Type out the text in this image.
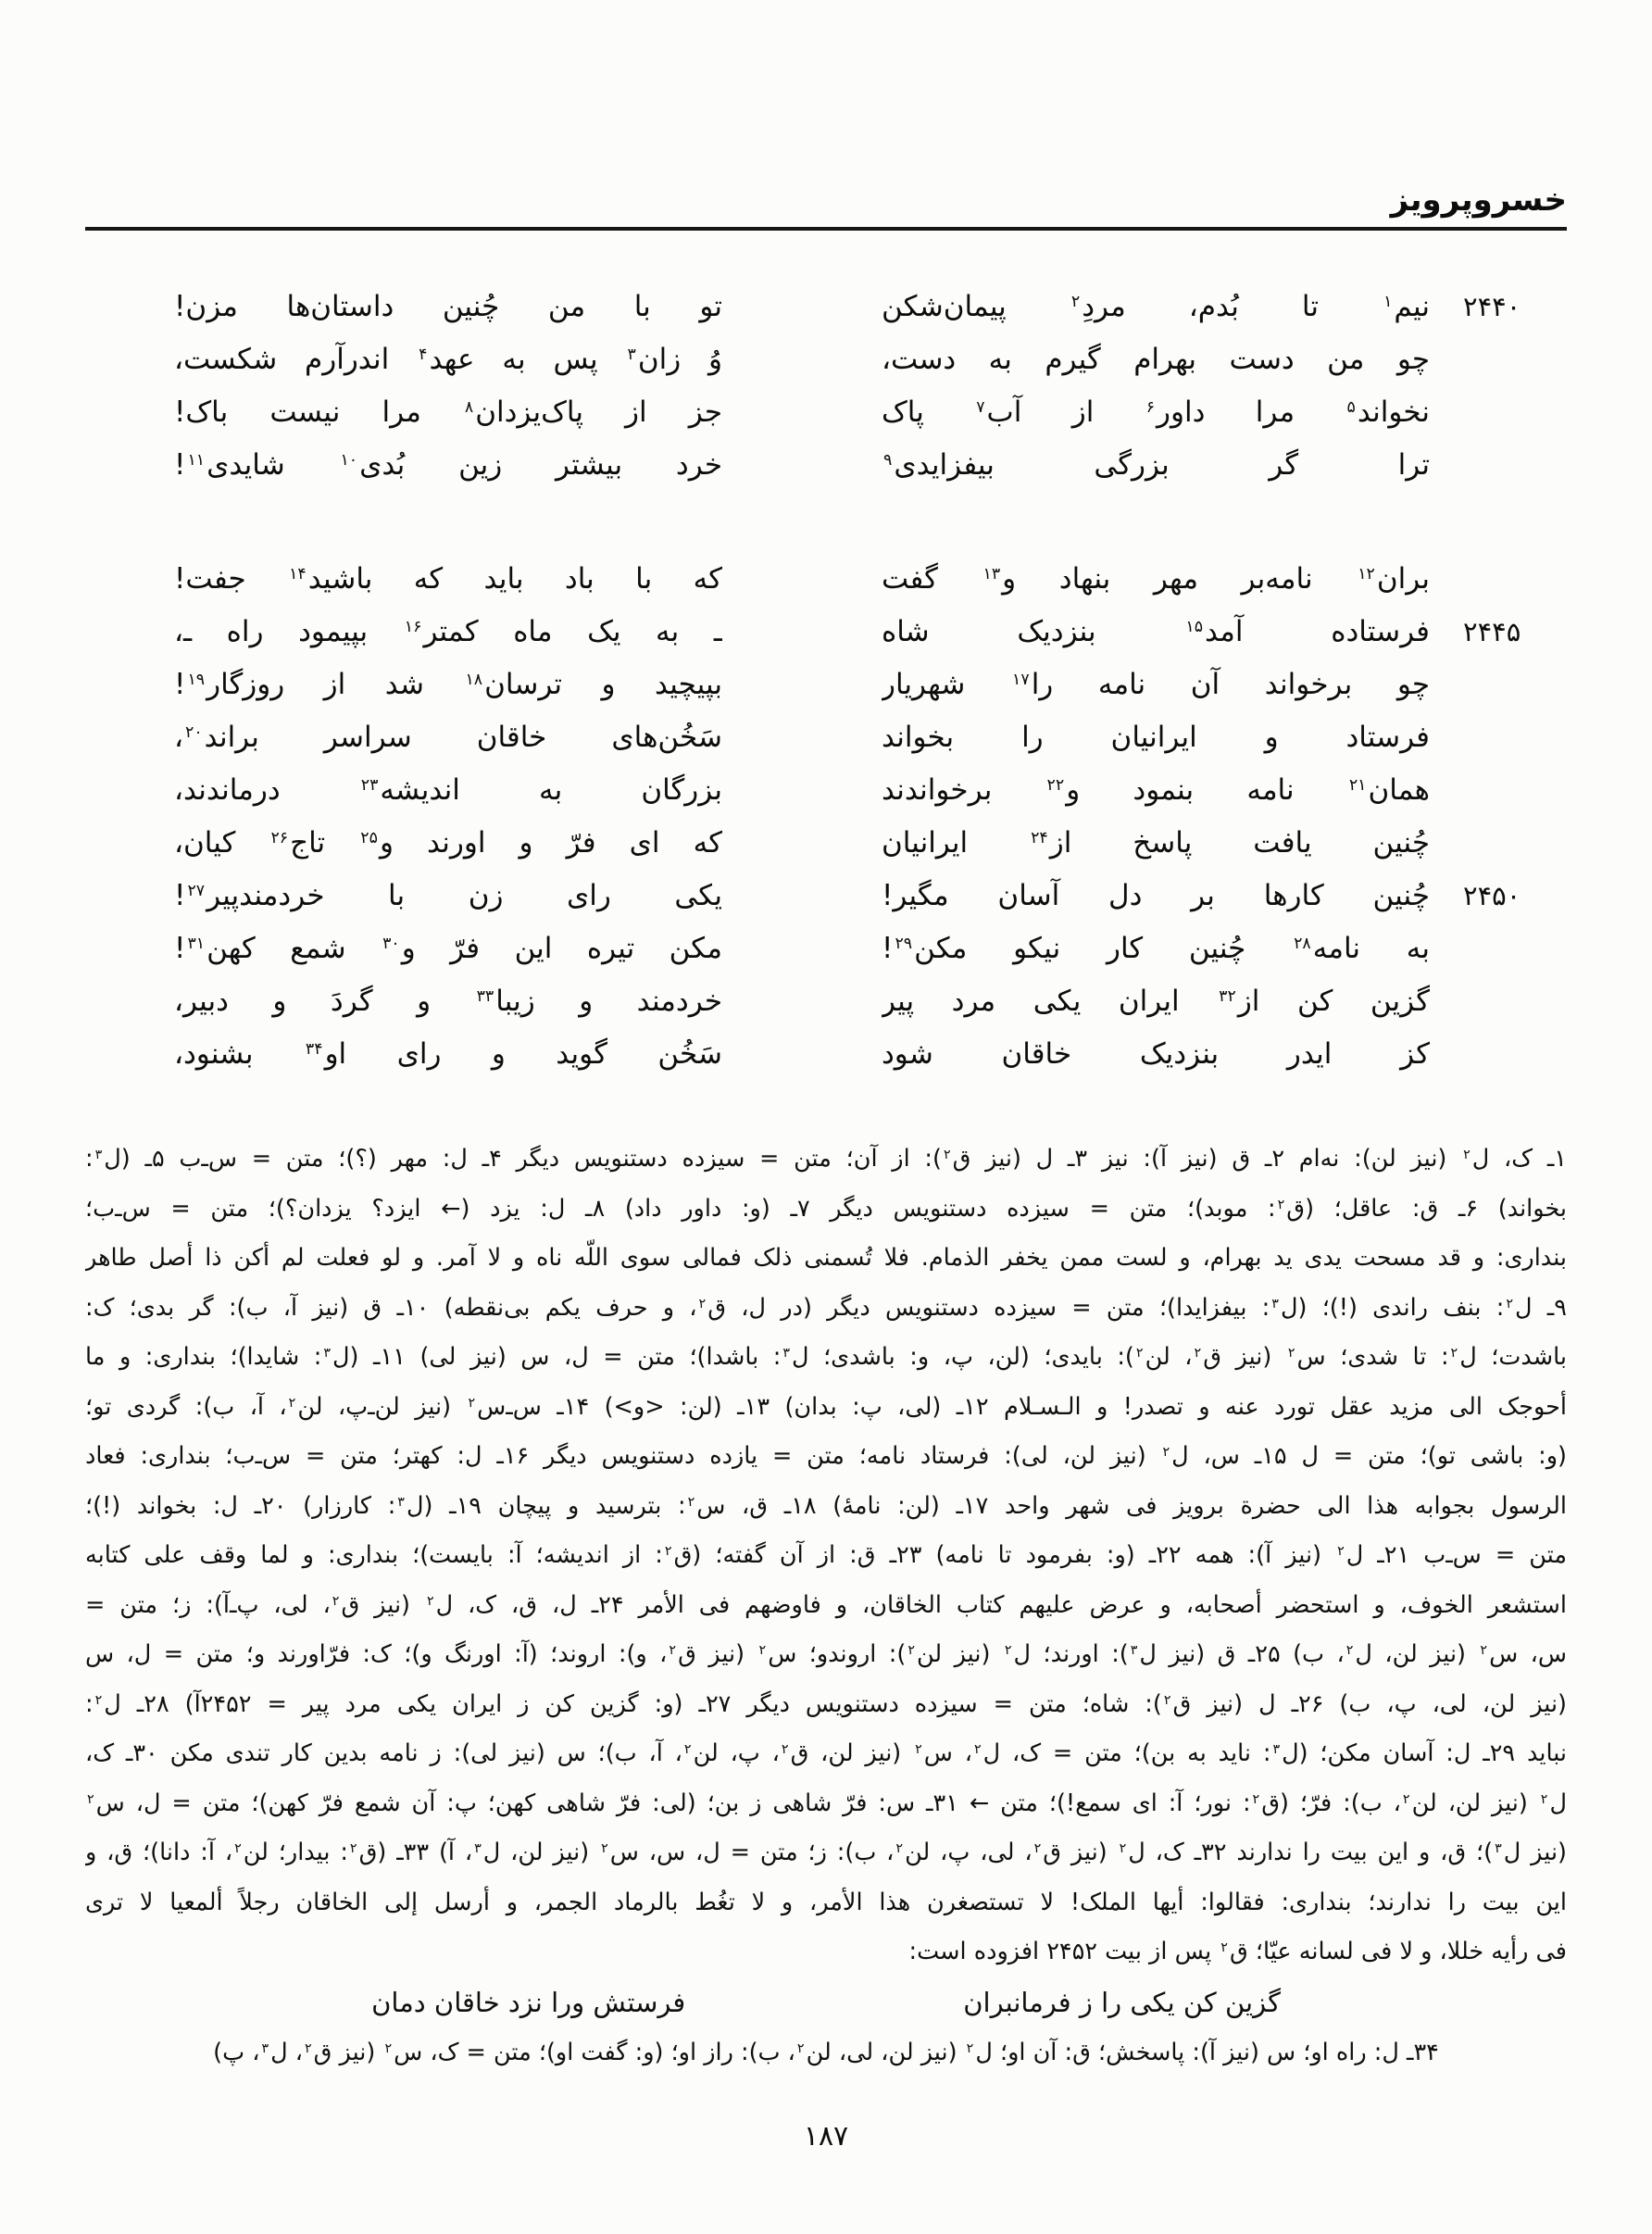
خسروپرویز
۲۴۴۰
نیم$^۱$ تا بُدم، مردِ$^۲$ پیمان‌شکن
تو با من چُنین داستان‌ها مزن!
چو من دست بهرام گیرم به دست،
وُ زان$^۳$ پس به عهد$^۴$ اندرآرم شکست،
نخواند$^۵$ مرا داور$^۶$ از آب$^۷$ پاک
جز از پاک‌یزدان$^۸$ مرا نیست باک!
ترا گر بزرگی بیفزایدی$^۹$
خرد بیشتر زین بُدی$^{۱۰}$ شایدی$^{۱۱}$!
بران$^{۱۲}$ نامه‌بر مهر بنهاد و$^{۱۳}$ گفت
که با باد باید که باشید$^{۱۴}$ جفت!
۲۴۴۵
فرستاده آمد$^{۱۵}$ بنزدیک شاه
ـ به یک ماه کمتر$^{۱۶}$ بپیمود راه ـ،
چو برخواند آن نامه را$^{۱۷}$ شهریار
بپیچید و ترسان$^{۱۸}$ شد از روزگار$^{۱۹}$!
فرستاد و ایرانیان را بخواند
سَخُن‌های خاقان سراسر براند$^{۲۰}$،
همان$^{۲۱}$ نامه بنمود و$^{۲۲}$ برخواندند
بزرگان به اندیشه$^{۲۳}$ درماندند،
چُنین یافت پاسخ از$^{۲۴}$ ایرانیان
که ای فرّ و اورند و$^{۲۵}$ تاج$^{۲۶}$ کیان،
۲۴۵۰
چُنین کارها بر دل آسان مگیر!
یکی رای زن با خردمندپیر$^{۲۷}$!
به نامه$^{۲۸}$ چُنین کار نیکو مکن$^{۲۹}$!
مکن تیره این فرّ و$^{۳۰}$ شمع کهن$^{۳۱}$!
گزین کن از$^{۳۲}$ ایران یکی مرد پیر
خردمند و زیبا$^{۳۳}$ و گردَ و دبیر،
کز ایدر بنزدیک خاقان شود
سَخُن گوید و رای او$^{۳۴}$ بشنود،
۱ـ ک، ل$^۲$ (نیز لن): نه‌ام ۲ـ ق (نیز آ): نیز ۳ـ ل (نیز ق$^۲$): از آن؛ متن = سیزده دستنویس دیگر ۴ـ ل: مهر (؟)؛ متن = س‌ـ‌ب ۵ـ (ل$^۳$:
بخواند) ۶ـ ق: عاقل؛ (ق$^۲$: موبد)؛ متن = سیزده دستنویس دیگر ۷ـ (و: داور داد) ۸ـ ل: یزد (← ایزد؟ یزدان؟)؛ متن = س‌ـ‌ب؛
بنداری: و قد مسحت یدی ید بهرام، و لست ممن یخفر الذمام. فلا تُسمنی ذلک فمالی سوی اللّه ناه و لا آمر. و لو فعلت لم أکن ذا أصل طاهر
۹ـ ل$^۲$: بنف راندی (!)؛ (ل$^۳$: بیفزایدا)؛ متن = سیزده دستنویس دیگر (در ل، ق$^۲$، و حرف یکم بی‌نقطه) ۱۰ـ ق (نیز آ، ب): گر بدی؛ ک:
باشدت؛ ل$^۲$: تا شدی؛ س$^۲$ (نیز ق$^۲$، لن$^۲$): بایدی؛ (لن، پ، و: باشدی؛ ل$^۳$: باشدا)؛ متن = ل، س (نیز لی) ۱۱ـ (ل$^۳$: شایدا)؛ بنداری: و ما
أحوجک الی مزید عقل تورد عنه و تصدر! و الـسـلام ۱۲ـ (لی، پ: بدان) ۱۳ـ (لن: <و>) ۱۴ـ س‌ـ‌س$^۲$ (نیز لن‌ـ‌پ، لن$^۲$، آ، ب): گردی تو؛
(و: باشی تو)؛ متن = ل ۱۵ـ س، ل$^۲$ (نیز لن، لی): فرستاد نامه؛ متن = یازده دستنویس دیگر ۱۶ـ ل: کهتر؛ متن = س‌ـ‌ب؛ بنداری: فعاد
الرسول بجوابه هذا الی حضرة برویز فی شهر واحد ۱۷ـ (لن: نامهٔ) ۱۸ـ ق، س$^۲$: بترسید و پیچان ۱۹ـ (ل$^۳$: کارزار) ۲۰ـ ل: بخواند (!)؛
متن = س‌ـ‌ب ۲۱ـ ل$^۲$ (نیز آ): همه ۲۲ـ (و: بفرمود تا نامه) ۲۳ـ ق: از آن گفته؛ (ق$^۲$: از اندیشه؛ آ: بایست)؛ بنداری: و لما وقف علی کتابه
استشعر الخوف، و استحضر أصحابه، و عرض علیهم کتاب الخاقان، و فاوضهم فی الأمر ۲۴ـ ل، ق، ک، ل$^۲$ (نیز ق$^۲$، لی، پ‌ـ‌آ): ز؛ متن =
س، س$^۲$ (نیز لن، ل$^۲$، ب) ۲۵ـ ق (نیز ل$^۳$): اورند؛ ل$^۲$ (نیز لن$^۲$): اروندو؛ س$^۲$ (نیز ق$^۲$، و): اروند؛ (آ: اورنگ و)؛ ک: فرّاورند و؛ متن = ل، س
(نیز لن، لی، پ، ب) ۲۶ـ ل (نیز ق$^۲$): شاه؛ متن = سیزده دستنویس دیگر ۲۷ـ (و: گزین کن ز ایران یکی مرد پیر = ۲۴۵۲آ) ۲۸ـ ل$^۲$:
نباید ۲۹ـ ل: آسان مکن؛ (ل$^۳$: ناید به بن)؛ متن = ک، ل$^۲$، س$^۲$ (نیز لن، ق$^۲$، پ، لن$^۲$، آ، ب)؛ س (نیز لی): ز نامه بدین کار تندی مکن ۳۰ـ ک،
ل$^۲$ (نیز لن، لن$^۲$، ب): فرّ؛ (ق$^۲$: نور؛ آ: ای سمع!)؛ متن ← ۳۱ـ س: فرّ شاهی ز بن؛ (لی: فرّ شاهی کهن؛ پ: آن شمع فرّ کهن)؛ متن = ل، س$^۲$
(نیز ل$^۳$)؛ ق، و این بیت را ندارند ۳۲ـ ک، ل$^۲$ (نیز ق$^۲$، لی، پ، لن$^۲$، ب): ز؛ متن = ل، س، س$^۲$ (نیز لن، ل$^۳$، آ) ۳۳ـ (ق$^۲$: بیدار؛ لن$^۲$، آ: دانا)؛ ق، و
این بیت را ندارند؛ بنداری: فقالوا: أیها الملک! لا تستصغرن هذا الأمر، و لا تغُط بالرماد الجمر، و أرسل إلی الخاقان رجلاً ألمعیا لا تری
فی رأیه خللا، و لا فی لسانه عیّا؛ ق$^۲$ پس از بیت ۲۴۵۲ افزوده است:
گزین کن یکی را ز فرمانبران
فرستش ورا نزد خاقان دمان
۳۴ـ ل: راه او؛ س (نیز آ): پاسخش؛ ق: آن او؛ ل$^۲$ (نیز لن، لی، لن$^۲$، ب): راز او؛ (و: گفت او)؛ متن = ک، س$^۲$ (نیز ق$^۲$، ل$^۳$، پ)
۱۸۷
